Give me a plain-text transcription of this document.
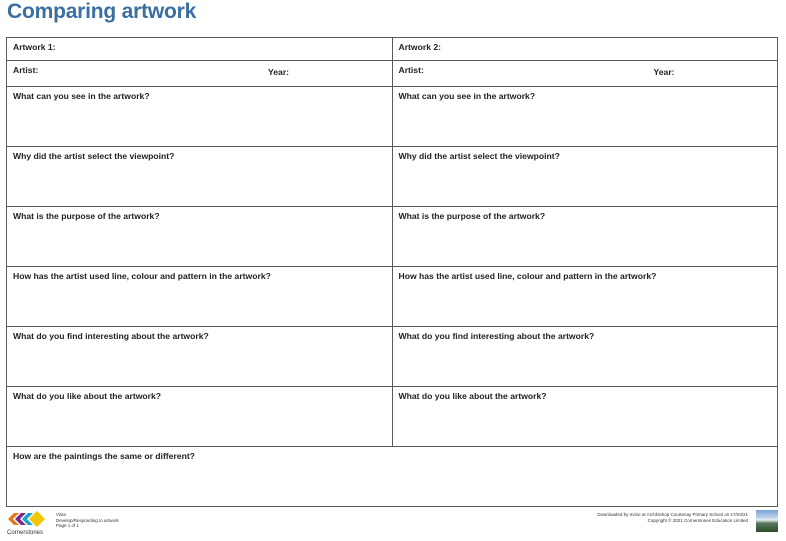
Comparing artwork
Artwork 1:	Artwork 2:
Artist: Year:	Artist: Year:

What can you see in the artwork?	What can you see in the artwork?
Why did the artist select the viewpoint?	Why did the artist select the viewpoint?
What is the purpose of the artwork?	What is the purpose of the artwork?
How has the artist used line, colour and pattern in the artwork?	How has the artist used line, colour and pattern in the artwork?
What do you find interesting about the artwork?	What do you find interesting about the artwork?
What do you like about the artwork?	What do you like about the artwork?
How are the paintings the same or different?	
Cornerstones
Vista
Develop/Responding to artwork
Page 1 of 1
Downloaded by Irvine at Archbishop Courtenay Primary School on 17/03/21
Copyright © 2021 Cornerstones Education Limited
